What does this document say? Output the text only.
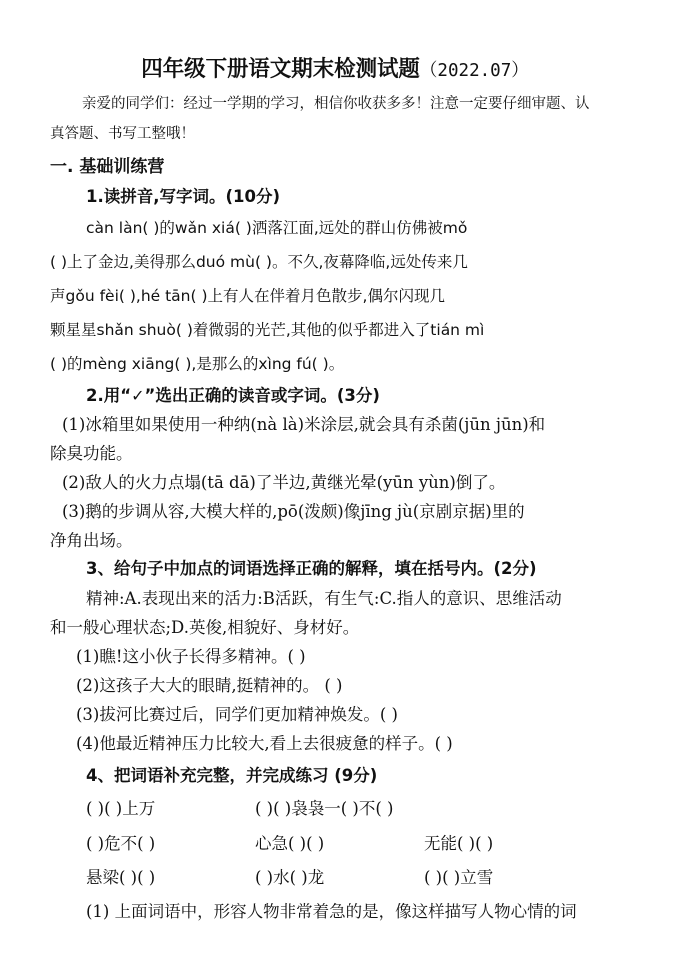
四年级下册语文期末检测试题（2022.07）
亲爱的同学们：经过一学期的学习，相信你收获多多！注意一定要仔细审题、认
真答题、书写工整哦！
一. 基础训练营
1.读拼音,写字词。(10分)
càn làn( )的wǎn xiá( )洒落江面,远处的群山仿佛被mǒ
( )上了金边,美得那么duó mù( )。不久,夜幕降临,远处传来几
声gǒu fèi( ),hé tān( )上有人在伴着月色散步,偶尔闪现几
颗星星shǎn shuò( )着微弱的光芒,其他的似乎都进入了tián mì
( )的mèng xiāng( ),是那么的xìng fú( )。
2.用“✓”选出正确的读音或字词。(3分)
(1)冰箱里如果使用一种纳(nà là)米涂层,就会具有杀菌(jūn jūn)和
除臭功能。
(2)敌人的火力点塌(tā dā)了半边,黄继光晕(yūn yùn)倒了。
(3)鹅的步调从容,大模大样的,pō(泼颇)像jīng jù(京剧京据)里的
净角出场。
3、给句子中加点的词语选择正确的解释，填在括号内。(2分)
精神:A.表现出来的活力:B活跃，有生气:C.指人的意识、思维活动
和一般心理状态;D.英俊,相貌好、身材好。
(1)瞧!这小伙子长得多精神。( )
(2)这孩子大大的眼睛,挺精神的。 ( )
(3)拔河比赛过后，同学们更加精神焕发。( )
(4)他最近精神压力比较大,看上去很疲惫的样子。( )
4、把词语补充完整，并完成练习 (9分)
( )( )上万	( )( )袅袅一( )不( )
( )危不( )	心急( )( )	无能( )( )
悬梁( )( )	( )水( )龙	( )( )立雪
(1) 上面词语中，形容人物非常着急的是，像这样描写人物心情的词
